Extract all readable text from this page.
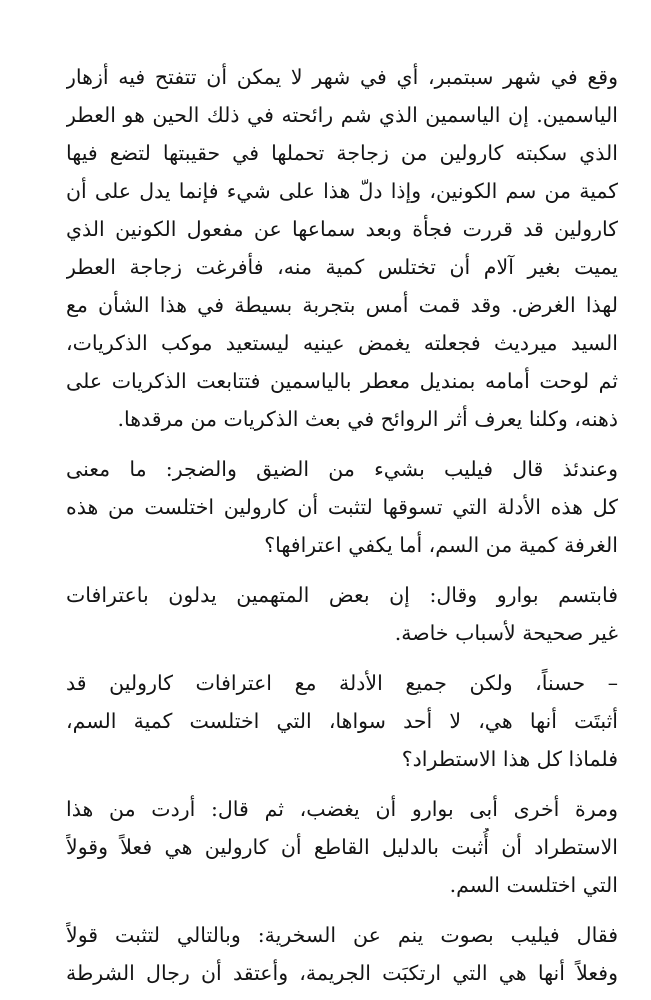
وقع في شهر سبتمبر، أي في شهر لا يمكن أن تتفتح فيه أزهار
الياسمين. إن الياسمين الذي شم رائحته في ذلك الحين هو العطر
الذي سكبته كارولين من زجاجة تحملها في حقيبتها لتضع فيها
كمية من سم الكونين، وإذا دلّ هذا على شيء فإنما يدل على أن
كارولين قد قررت فجأة وبعد سماعها عن مفعول الكونين الذي
يميت بغير آلام أن تختلس كمية منه، فأفرغت زجاجة العطر
لهذا الغرض. وقد قمت أمس بتجربة بسيطة في هذا الشأن مع
السيد ميرديث فجعلته يغمض عينيه ليستعيد موكب الذكريات،
ثم لوحت أمامه بمنديل معطر بالياسمين فتتابعت الذكريات على
ذهنه، وكلنا يعرف أثر الروائح في بعث الذكريات من مرقدها.
وعندئذ قال فيليب بشيء من الضيق والضجر: ما معنى
كل هذه الأدلة التي تسوقها لتثبت أن كارولين اختلست من هذه
الغرفة كمية من السم، أما يكفي اعترافها؟
فابتسم بوارو وقال: إن بعض المتهمين يدلون باعترافات
غير صحيحة لأسباب خاصة.
– حسناً، ولكن جميع الأدلة مع اعترافات كارولين قد
أثبتَت أنها هي، لا أحد سواها، التي اختلست كمية السم،
فلماذا كل هذا الاستطراد؟
ومرة أخرى أبى بوارو أن يغضب، ثم قال: أردت من هذا
الاستطراد أن أُثبت بالدليل القاطع أن كارولين هي فعلاً وقولاً
التي اختلست السم.
فقال فيليب بصوت ينم عن السخرية: وبالتالي لتثبت قولاً
وفعلاً أنها هي التي ارتكبَت الجريمة، وأعتقد أن رجال الشرطة
